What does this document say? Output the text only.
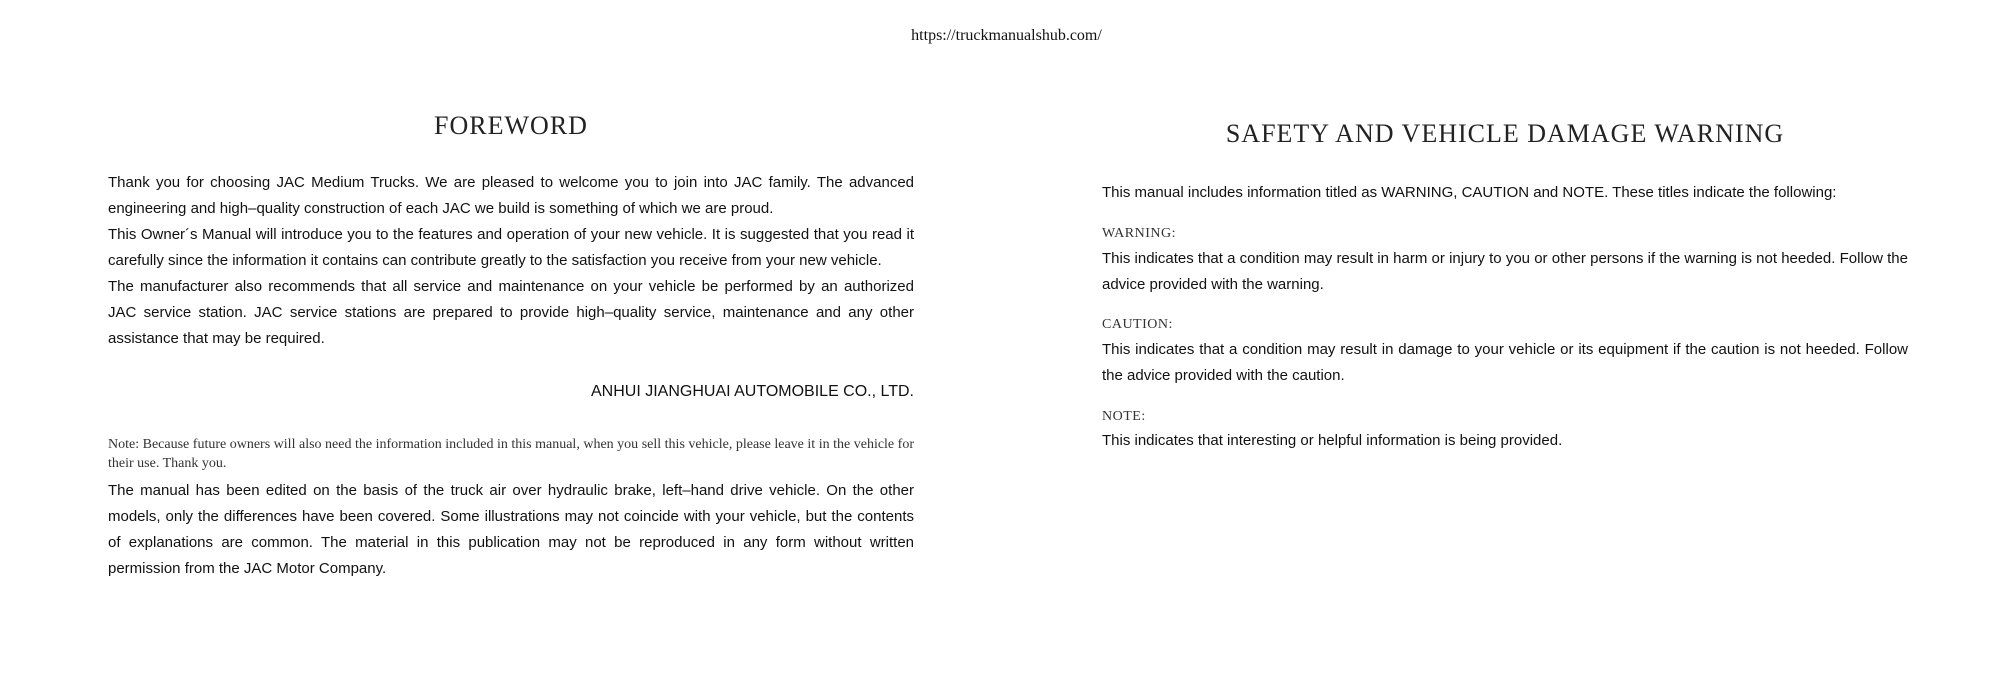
https://truckmanualshub.com/
FOREWORD

Thank you for choosing JAC Medium Trucks. We are pleased to welcome you to join into JAC family. The advanced engineering and high–quality construction of each JAC we build is something of which we are proud.

This Owner´s Manual will introduce you to the features and operation of your new vehicle. It is suggested that you read it carefully since the information it contains can contribute greatly to the satisfaction you receive from your new vehicle.

The manufacturer also recommends that all service and maintenance on your vehicle be performed by an authorized JAC service station. JAC service stations are prepared to provide high–quality service, maintenance and any other assistance that may be required.

ANHUI JIANGHUAI AUTOMOBILE CO., LTD.

Note: Because future owners will also need the information included in this manual, when you sell this vehicle, please leave it in the vehicle for their use. Thank you.

The manual has been edited on the basis of the truck air over hydraulic brake, left–hand drive vehicle. On the other models, only the differences have been covered. Some illustrations may not coincide with your vehicle, but the contents of explanations are common. The material in this publication may not be reproduced in any form without written permission from the JAC Motor Company.

SAFETY AND VEHICLE DAMAGE WARNING

This manual includes information titled as WARNING, CAUTION and NOTE. These titles indicate the following:

WARNING:

This indicates that a condition may result in harm or injury to you or other persons if the warning is not heeded. Follow the advice provided with the warning.

CAUTION:

This indicates that a condition may result in damage to your vehicle or its equipment if the caution is not heeded. Follow the advice provided with the caution.

NOTE:

This indicates that interesting or helpful information is being provided.
